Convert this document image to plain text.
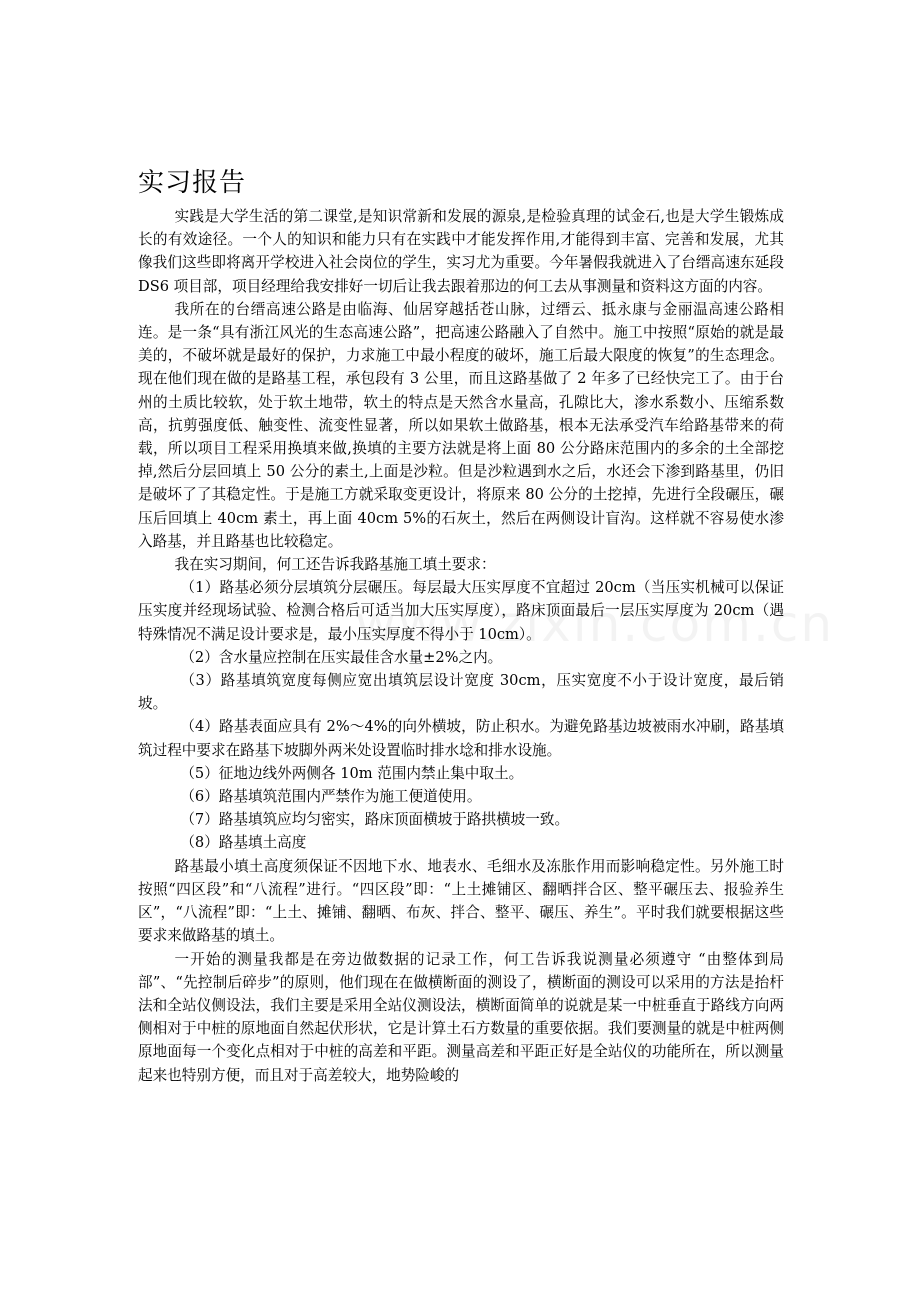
实习报告

实践是大学生活的第二课堂,是知识常新和发展的源泉,是检验真理的试金石,也是大学生锻炼成长的有效途径。一个人的知识和能力只有在实践中才能发挥作用,才能得到丰富、完善和发展，尤其像我们这些即将离开学校进入社会岗位的学生，实习尤为重要。今年暑假我就进入了台缙高速东延段 DS6 项目部，项目经理给我安排好一切后让我去跟着那边的何工去从事测量和资料这方面的内容。

我所在的台缙高速公路是由临海、仙居穿越括苍山脉，过缙云、抵永康与金丽温高速公路相连。是一条“具有浙江风光的生态高速公路”，把高速公路融入了自然中。施工中按照“原始的就是最美的，不破坏就是最好的保护，力求施工中最小程度的破坏，施工后最大限度的恢复”的生态理念。现在他们现在做的是路基工程，承包段有 3 公里，而且这路基做了 2 年多了已经快完工了。由于台州的土质比较软，处于软土地带，软土的特点是天然含水量高，孔隙比大，渗水系数小、压缩系数高，抗剪强度低、触变性、流变性显著，所以如果软土做路基，根本无法承受汽车给路基带来的荷载，所以项目工程采用换填来做,换填的主要方法就是将上面 80 公分路床范围内的多余的土全部挖掉,然后分层回填上 50 公分的素土,上面是沙粒。但是沙粒遇到水之后，水还会下渗到路基里，仍旧是破坏了了其稳定性。于是施工方就采取变更设计，将原来 80 公分的土挖掉，先进行全段碾压，碾压后回填上 40cm 素土，再上面 40cm 5%的石灰土，然后在两侧设计盲沟。这样就不容易使水渗入路基，并且路基也比较稳定。

我在实习期间，何工还告诉我路基施工填土要求：

（1）路基必须分层填筑分层碾压。每层最大压实厚度不宜超过 20cm（当压实机械可以保证压实度并经现场试验、检测合格后可适当加大压实厚度），路床顶面最后一层压实厚度为 20cm（遇特殊情况不满足设计要求是，最小压实厚度不得小于 10cm）。

（2）含水量应控制在压实最佳含水量±2%之内。

（3）路基填筑宽度每侧应宽出填筑层设计宽度 30cm，压实宽度不小于设计宽度，最后销坡。

（4）路基表面应具有 2%～4%的向外横坡，防止积水。为避免路基边坡被雨水冲刷，路基填筑过程中要求在路基下坡脚外两米处设置临时排水埝和排水设施。

（5）征地边线外两侧各 10m 范围内禁止集中取土。

（6）路基填筑范围内严禁作为施工便道使用。

（7）路基填筑应均匀密实，路床顶面横坡于路拱横坡一致。

（8）路基填土高度

路基最小填土高度须保证不因地下水、地表水、毛细水及冻胀作用而影响稳定性。另外施工时按照“四区段”和“八流程”进行。“四区段”即：“上土摊铺区、翻晒拌合区、整平碾压去、报验养生区”，“八流程”即：“上土、摊铺、翻晒、布灰、拌合、整平、碾压、养生”。平时我们就要根据这些要求来做路基的填土。

一开始的测量我都是在旁边做数据的记录工作，何工告诉我说测量必须遵守 “由整体到局部”、“先控制后碎步”的原则，他们现在在做横断面的测设了，横断面的测设可以采用的方法是抬杆法和全站仪侧设法，我们主要是采用全站仪测设法，横断面简单的说就是某一中桩垂直于路线方向两侧相对于中桩的原地面自然起伏形状，它是计算土石方数量的重要依据。我们要测量的就是中桩两侧原地面每一个变化点相对于中桩的高差和平距。测量高差和平距正好是全站仪的功能所在，所以测量起来也特别方便，而且对于高差较大，地势险峻的
